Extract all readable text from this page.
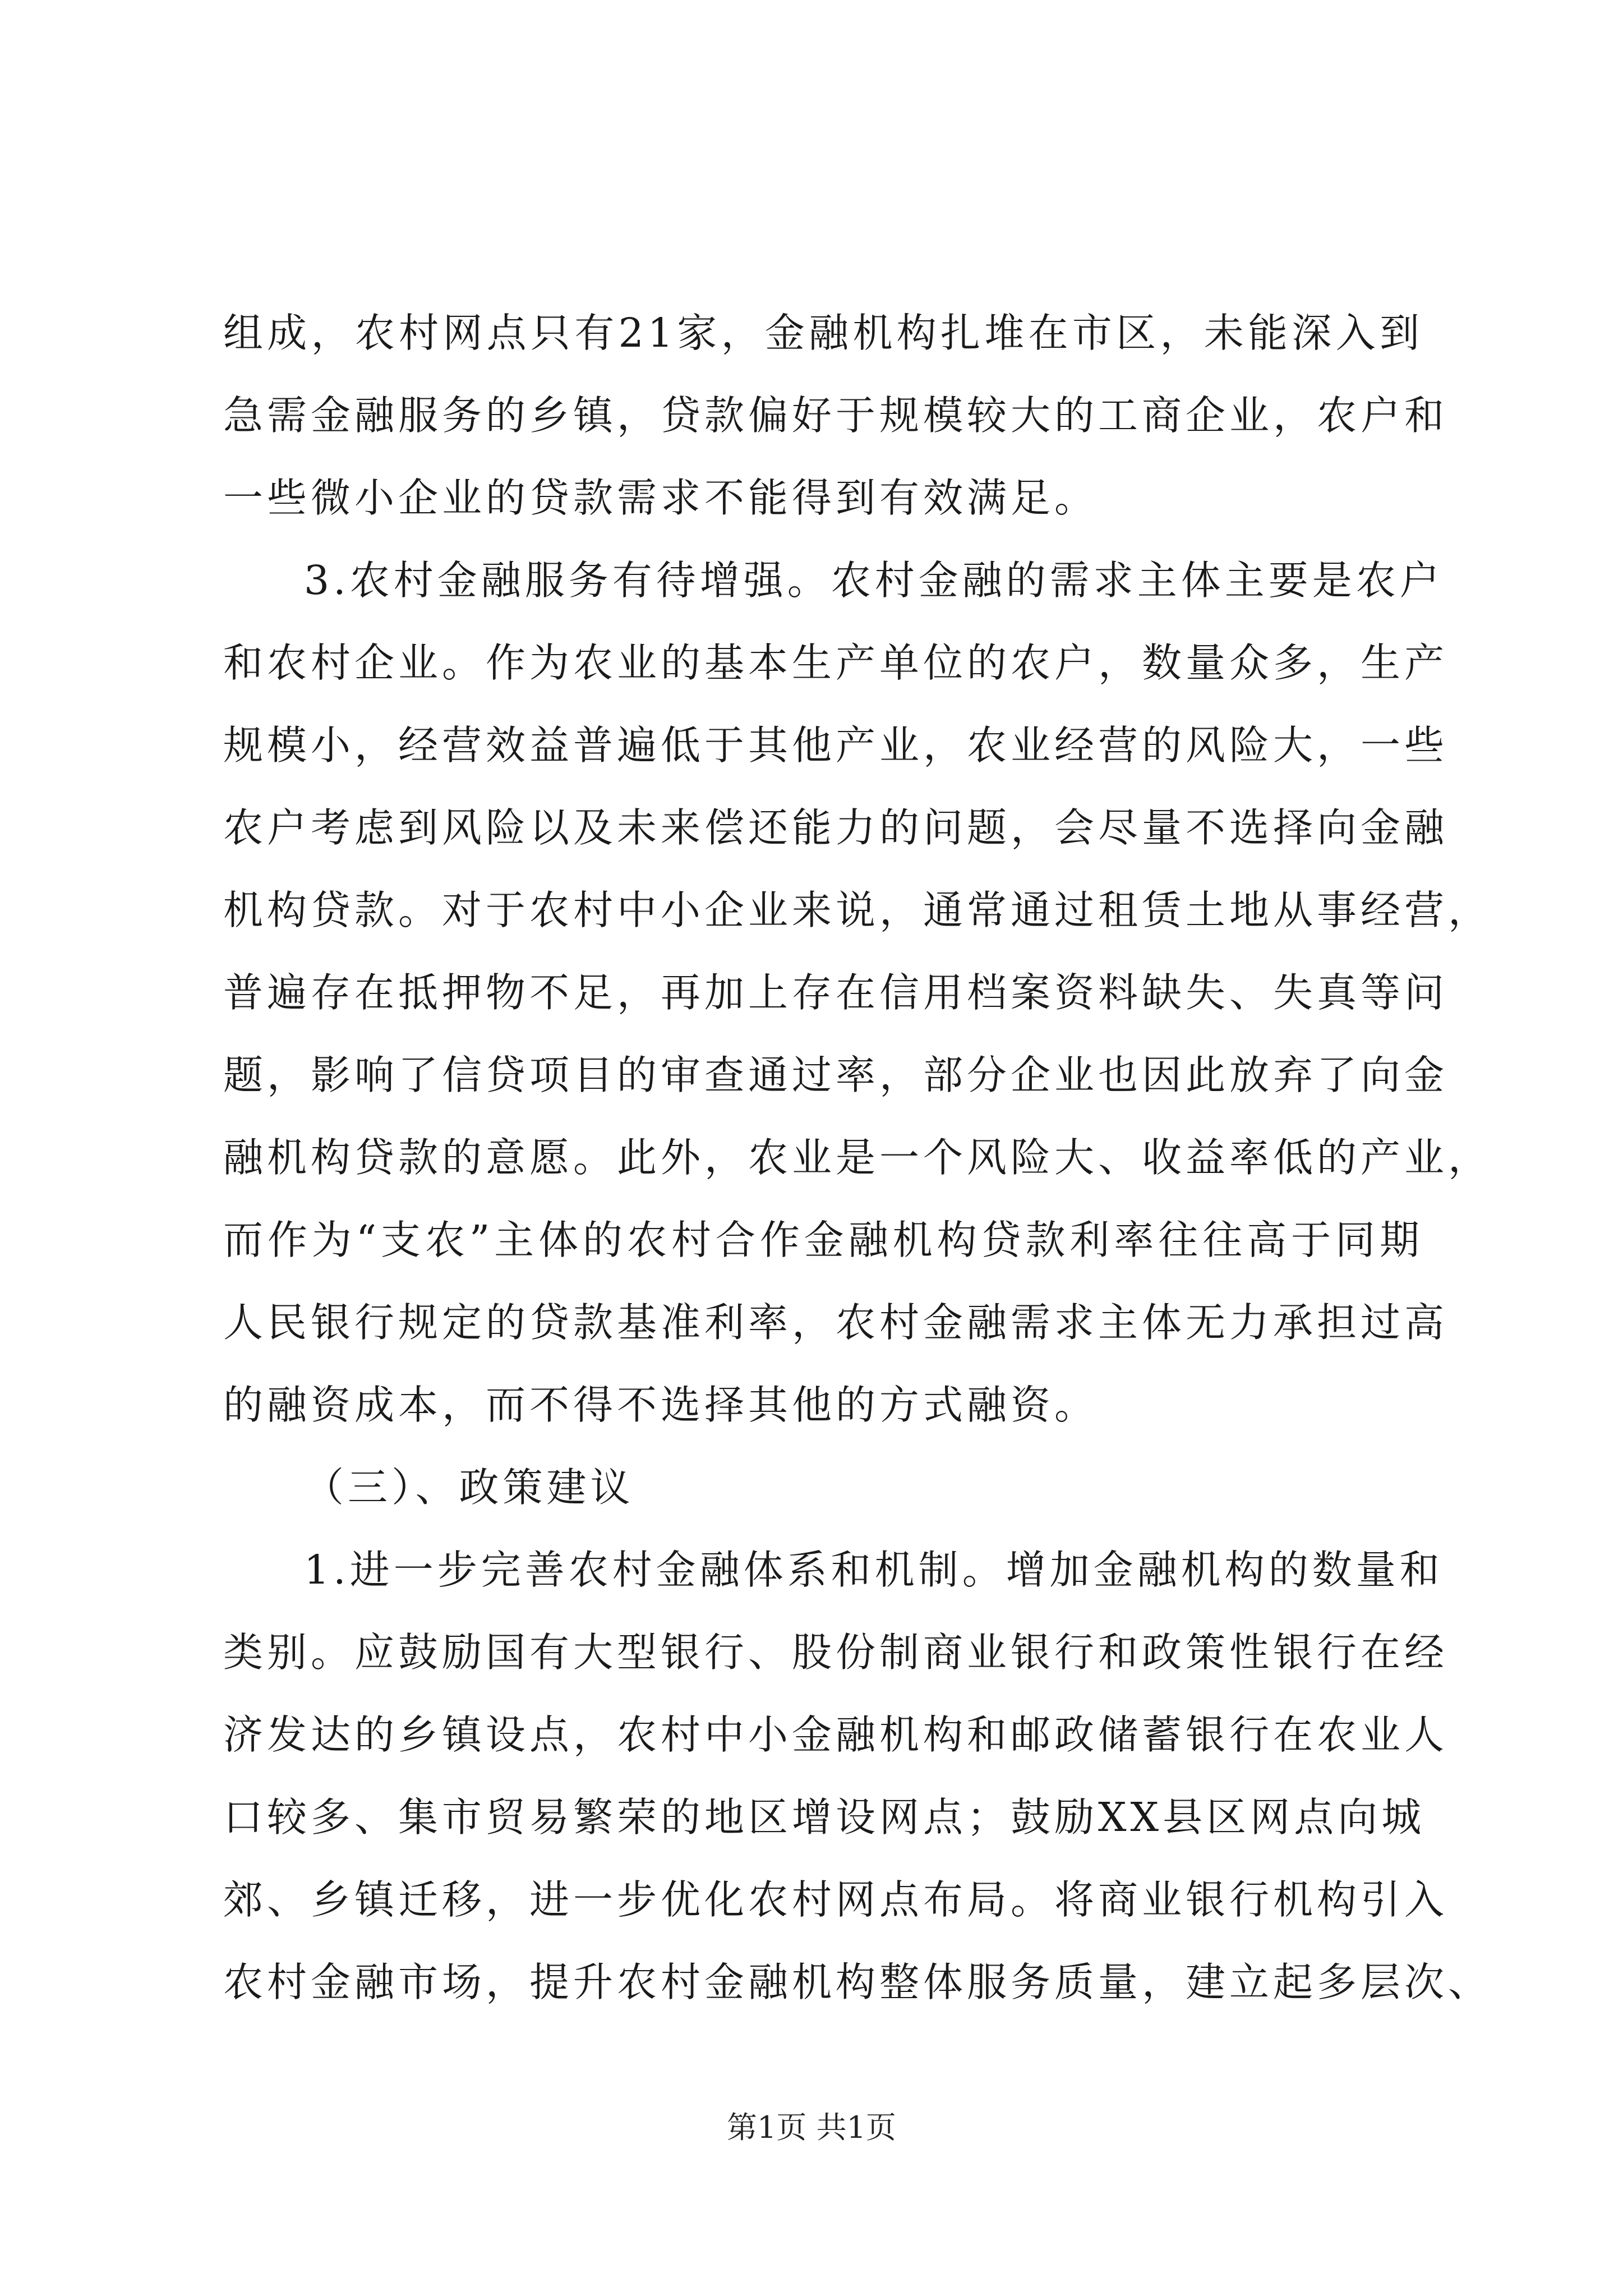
组成，农村网点只有21家，金融机构扎堆在市区，未能深入到
急需金融服务的乡镇，贷款偏好于规模较大的工商企业，农户和
一些微小企业的贷款需求不能得到有效满足。
3.农村金融服务有待增强。农村金融的需求主体主要是农户
和农村企业。作为农业的基本生产单位的农户，数量众多，生产
规模小，经营效益普遍低于其他产业，农业经营的风险大，一些
农户考虑到风险以及未来偿还能力的问题，会尽量不选择向金融
机构贷款。对于农村中小企业来说，通常通过租赁土地从事经营，
普遍存在抵押物不足，再加上存在信用档案资料缺失、失真等问
题，影响了信贷项目的审查通过率，部分企业也因此放弃了向金
融机构贷款的意愿。此外，农业是一个风险大、收益率低的产业，
而作为“支农”主体的农村合作金融机构贷款利率往往高于同期
人民银行规定的贷款基准利率，农村金融需求主体无力承担过高
的融资成本，而不得不选择其他的方式融资。
（三）、政策建议
1.进一步完善农村金融体系和机制。增加金融机构的数量和
类别。应鼓励国有大型银行、股份制商业银行和政策性银行在经
济发达的乡镇设点，农村中小金融机构和邮政储蓄银行在农业人
口较多、集市贸易繁荣的地区增设网点；鼓励XX县区网点向城
郊、乡镇迁移，进一步优化农村网点布局。将商业银行机构引入
农村金融市场，提升农村金融机构整体服务质量，建立起多层次、
第1页 共1页
